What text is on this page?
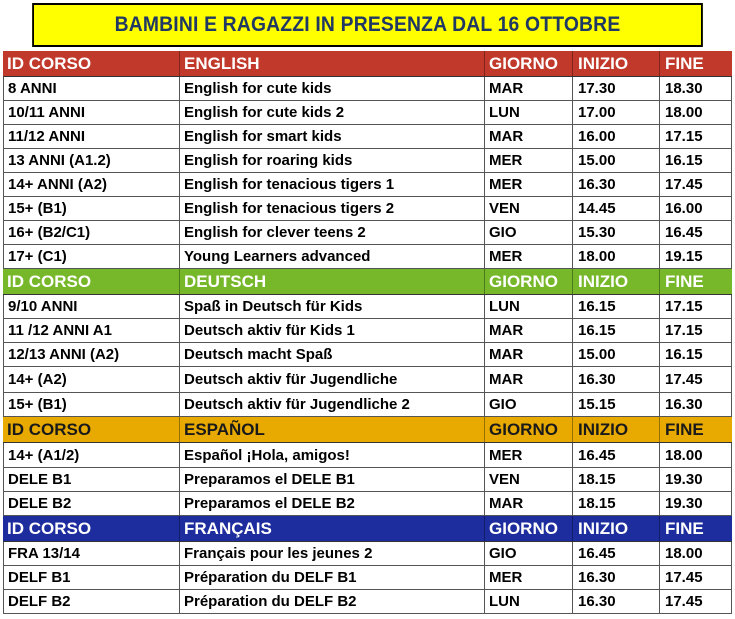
BAMBINI E RAGAZZI IN PRESENZA DAL 16 OTTOBRE
ID CORSO	ENGLISH	GIORNO	INIZIO	FINE
8 ANNI	English for cute kids	MAR	17.30	18.30
10/11 ANNI	English for cute kids 2	LUN	17.00	18.00
11/12 ANNI	English for smart kids	MAR	16.00	17.15
13 ANNI (A1.2)	English for roaring kids	MER	15.00	16.15
14+ ANNI (A2)	English for tenacious tigers 1	MER	16.30	17.45
15+ (B1)	English for tenacious tigers 2	VEN	14.45	16.00
16+ (B2/C1)	English for clever teens 2	GIO	15.30	16.45
17+ (C1)	Young Learners advanced	MER	18.00	19.15
ID CORSO	DEUTSCH	GIORNO	INIZIO	FINE
9/10 ANNI	Spaß in Deutsch für Kids	LUN	16.15	17.15
11 /12 ANNI A1	Deutsch aktiv für Kids 1	MAR	16.15	17.15
12/13 ANNI (A2)	Deutsch macht Spaß	MAR	15.00	16.15
14+ (A2)	Deutsch aktiv für Jugendliche	MAR	16.30	17.45
15+ (B1)	Deutsch aktiv für Jugendliche 2	GIO	15.15	16.30
ID CORSO	ESPAÑOL	GIORNO	INIZIO	FINE
14+ (A1/2)	Español ¡Hola, amigos!	MER	16.45	18.00
DELE B1	Preparamos el DELE B1	VEN	18.15	19.30
DELE B2	Preparamos el DELE B2	MAR	18.15	19.30
ID CORSO	FRANÇAIS	GIORNO	INIZIO	FINE
FRA 13/14	Français pour les jeunes 2	GIO	16.45	18.00
DELF B1	Préparation du DELF B1	MER	16.30	17.45
DELF B2	Préparation du DELF B2	LUN	16.30	17.45
